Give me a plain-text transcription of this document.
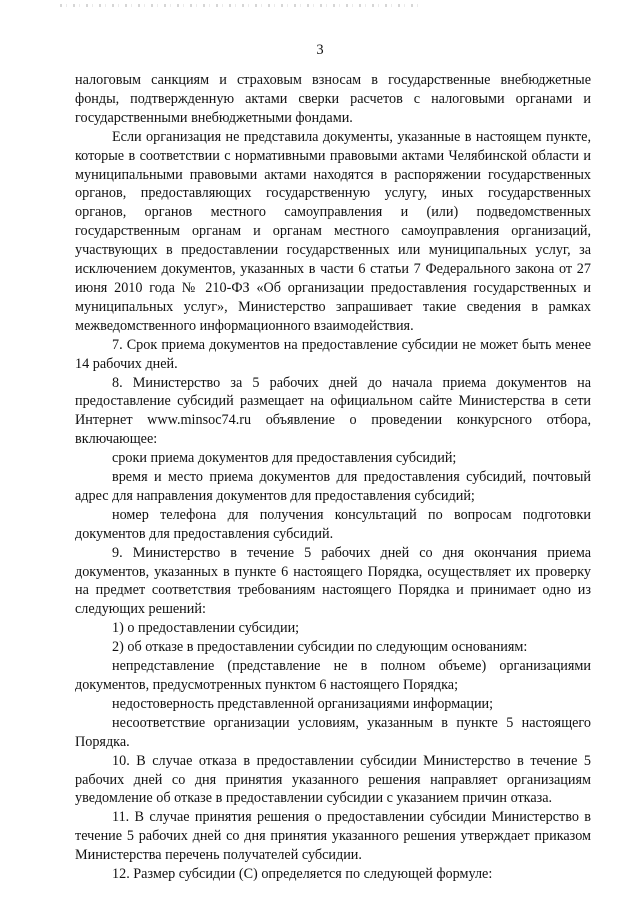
3

налоговым санкциям и страховым взносам в государственные внебюджетные фонды, подтвержденную актами сверки расчетов с налоговыми органами и государственными внебюджетными фондами.

Если организация не представила документы, указанные в настоящем пункте, которые в соответствии с нормативными правовыми актами Челябинской области и муниципальными правовыми актами находятся в распоряжении государственных органов, предоставляющих государственную услугу, иных государственных органов, органов местного самоуправления и (или) подведомственных государственным органам и органам местного самоуправления организаций, участвующих в предоставлении государственных или муниципальных услуг, за исключением документов, указанных в части 6 статьи 7 Федерального закона от 27 июня 2010 года № 210-ФЗ «Об организации предоставления государственных и муниципальных услуг», Министерство запрашивает такие сведения в рамках межведомственного информационного взаимодействия.

7. Срок приема документов на предоставление субсидии не может быть менее 14 рабочих дней.

8. Министерство за 5 рабочих дней до начала приема документов на предоставление субсидий размещает на официальном сайте Министерства в сети Интернет www.minsoc74.ru объявление о проведении конкурсного отбора, включающее:

сроки приема документов для предоставления субсидий;

время и место приема документов для предоставления субсидий, почтовый адрес для направления документов для предоставления субсидий;

номер телефона для получения консультаций по вопросам подготовки документов для предоставления субсидий.

9. Министерство в течение 5 рабочих дней со дня окончания приема документов, указанных в пункте 6 настоящего Порядка, осуществляет их проверку на предмет соответствия требованиям настоящего Порядка и принимает одно из следующих решений:

1) о предоставлении субсидии;

2) об отказе в предоставлении субсидии по следующим основаниям:

непредставление (представление не в полном объеме) организациями документов, предусмотренных пунктом 6 настоящего Порядка;

недостоверность представленной организациями информации;

несоответствие организации условиям, указанным в пункте 5 настоящего Порядка.

10. В случае отказа в предоставлении субсидии Министерство в течение 5 рабочих дней со дня принятия указанного решения направляет организациям уведомление об отказе в предоставлении субсидии с указанием причин отказа.

11. В случае принятия решения о предоставлении субсидии Министерство в течение 5 рабочих дней со дня принятия указанного решения утверждает приказом Министерства перечень получателей субсидии.

12. Размер субсидии (С) определяется по следующей формуле:
